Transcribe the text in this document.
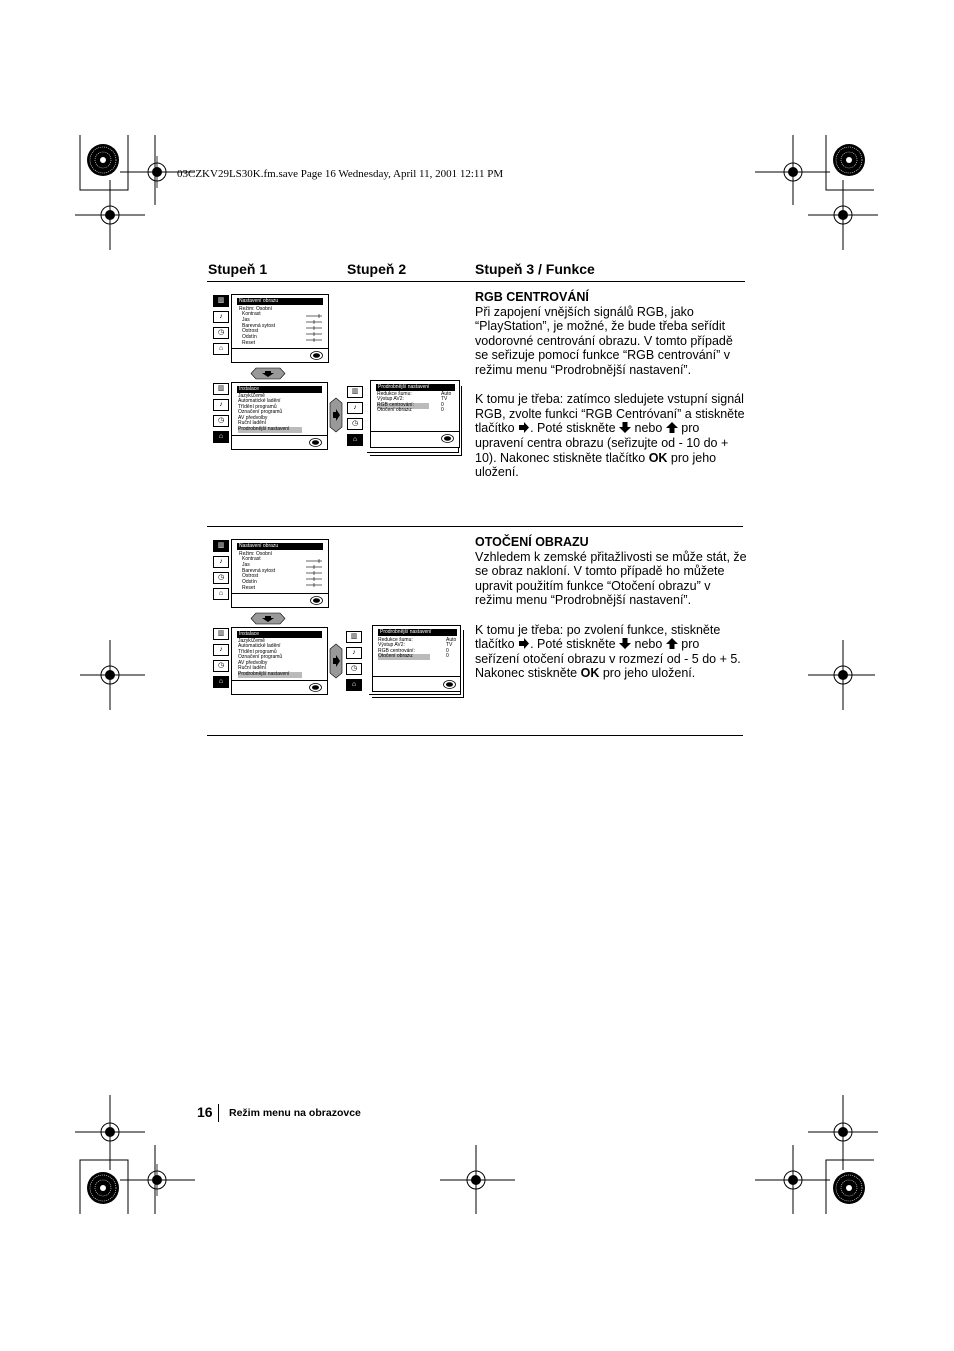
03CZKV29LS30K.fm.save Page 16 Wednesday, April 11, 2001 12:11 PM
Stupeň 1	Stupeň 2	Stupeň 3 / Funkce
RGB CENTROVÁNÍ

Při zapojení vnějších signálů RGB, jako “PlayStation”, je možné, že bude třeba seřídit vodorovné centrování obrazu. V tomto případě se seřizuje pomocí funkce “RGB centrování” v režimu menu “Prodrobnější nastavení”.

K tomu je třeba: zatímco sledujete vstupní signál RGB, zvolte funkci “RGB Centróvaní” a stiskněte tlačítko . Poté stiskněte  nebo  pro upravení centra obrazu (seřizujte od - 10 do + 10). Nakonec stiskněte tlačítko OK pro jeho uložení.

▥
♪
◷
⌂
Nastavení obrazu
Režim: Osobní
Kontrast
Jas
Barevná sytost
Ostrost
Odstín
Reset
▥
♪
◷
⌂
Instalace
Jazyk/Země
Automatické ladění
Třídění programů
Označení programů
AV předvolby
Ruční ladění
Prodrobnější nastavení
▥
♪
◷
⌂
Prodrobnější nastavení
Redukce šumu:
Výstup AV2:
RGB centrování:
Otočení obrazu:
Auto
TV
0
0
OTOČENÍ OBRAZU

Vzhledem k zemské přitažlivosti se může stát, že se obraz nakloní. V tomto případě ho můžete upravit použitím funkce “Otočení obrazu” v režimu menu “Prodrobnější nastavení”.

K tomu je třeba: po zvolení funkce, stiskněte tlačítko . Poté stiskněte  nebo  pro seřízení otočení obrazu v rozmezí od - 5 do + 5. Nakonec stiskněte OK pro jeho uložení.

▥
♪
◷
⌂
Nastavení obrazu
Režim: Osobní
Kontrast
Jas
Barevná sytost
Ostrost
Odstín
Reset
▥
♪
◷
⌂
Instalace
Jazyk/Země
Automatické ladění
Třídění programů
Označení programů
AV předvolby
Ruční ladění
Prodrobnější nastavení
▥
♪
◷
⌂
Prodrobnější nastavení
Redukce šumu:
Výstup AV2:
RGB centrování:
Otočení obrazu:
Auto
TV
0
0
16 Režim menu na obrazovce
